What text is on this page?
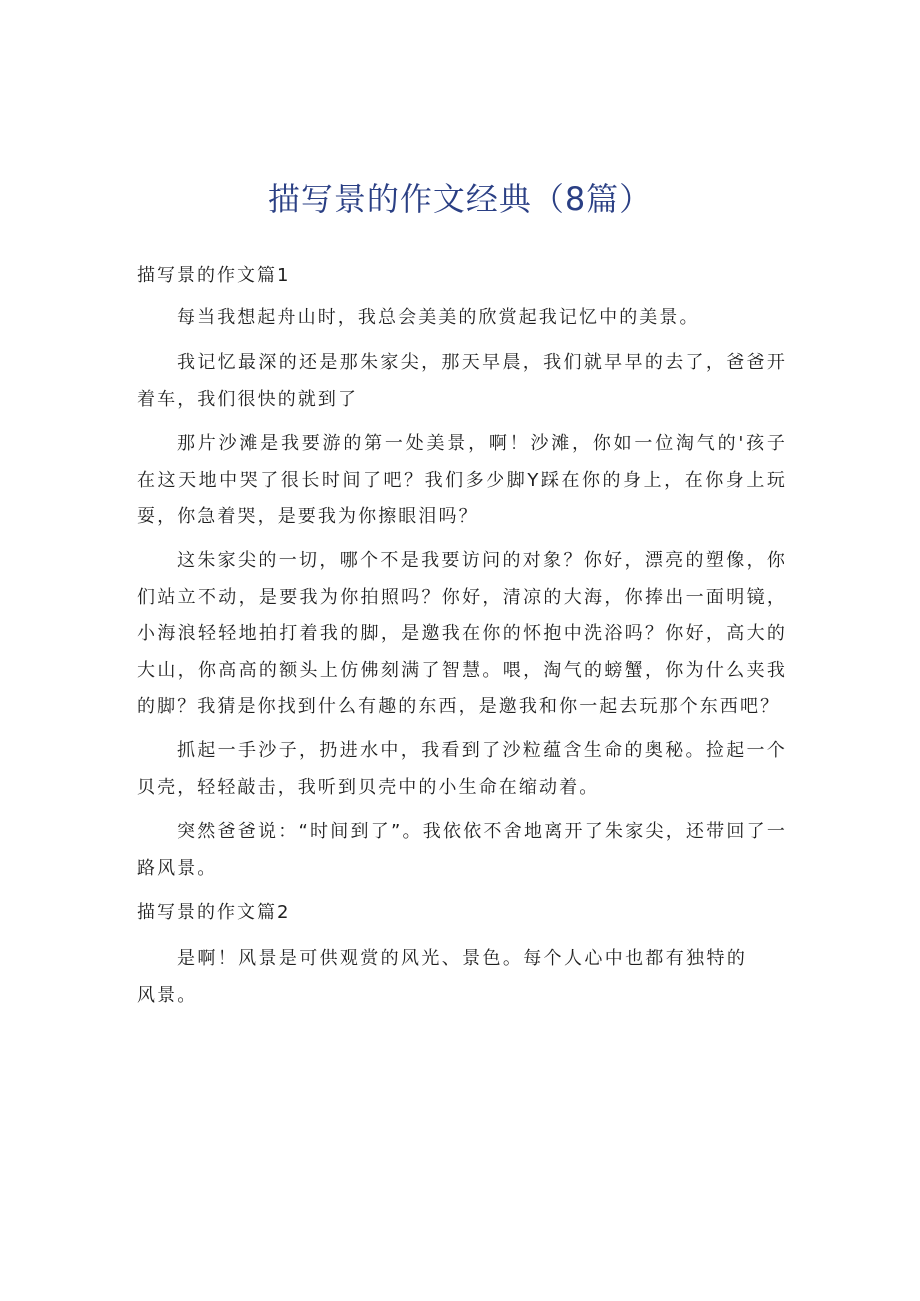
描写景的作文经典（8篇）

描写景的作文篇1

每当我想起舟山时，我总会美美的欣赏起我记忆中的美景。

我记忆最深的还是那朱家尖，那天早晨，我们就早早的去了，爸爸开着车，我们很快的就到了

那片沙滩是我要游的第一处美景，啊！沙滩，你如一位淘气的'孩子在这天地中哭了很长时间了吧？我们多少脚Y踩在你的身上，在你身上玩耍，你急着哭，是要我为你擦眼泪吗？

这朱家尖的一切，哪个不是我要访问的对象？你好，漂亮的塑像，你们站立不动，是要我为你拍照吗？你好，清凉的大海，你捧出一面明镜，小海浪轻轻地拍打着我的脚，是邀我在你的怀抱中洗浴吗？你好，高大的大山，你高高的额头上仿佛刻满了智慧。喂，淘气的螃蟹，你为什么夹我的脚？我猜是你找到什么有趣的东西，是邀我和你一起去玩那个东西吧？

抓起一手沙子，扔进水中，我看到了沙粒蕴含生命的奥秘。捡起一个贝壳，轻轻敲击，我听到贝壳中的小生命在缩动着。

突然爸爸说：“时间到了”。我依依不舍地离开了朱家尖，还带回了一路风景。

描写景的作文篇2

是啊！风景是可供观赏的风光、景色。每个人心中也都有独特的风景。
